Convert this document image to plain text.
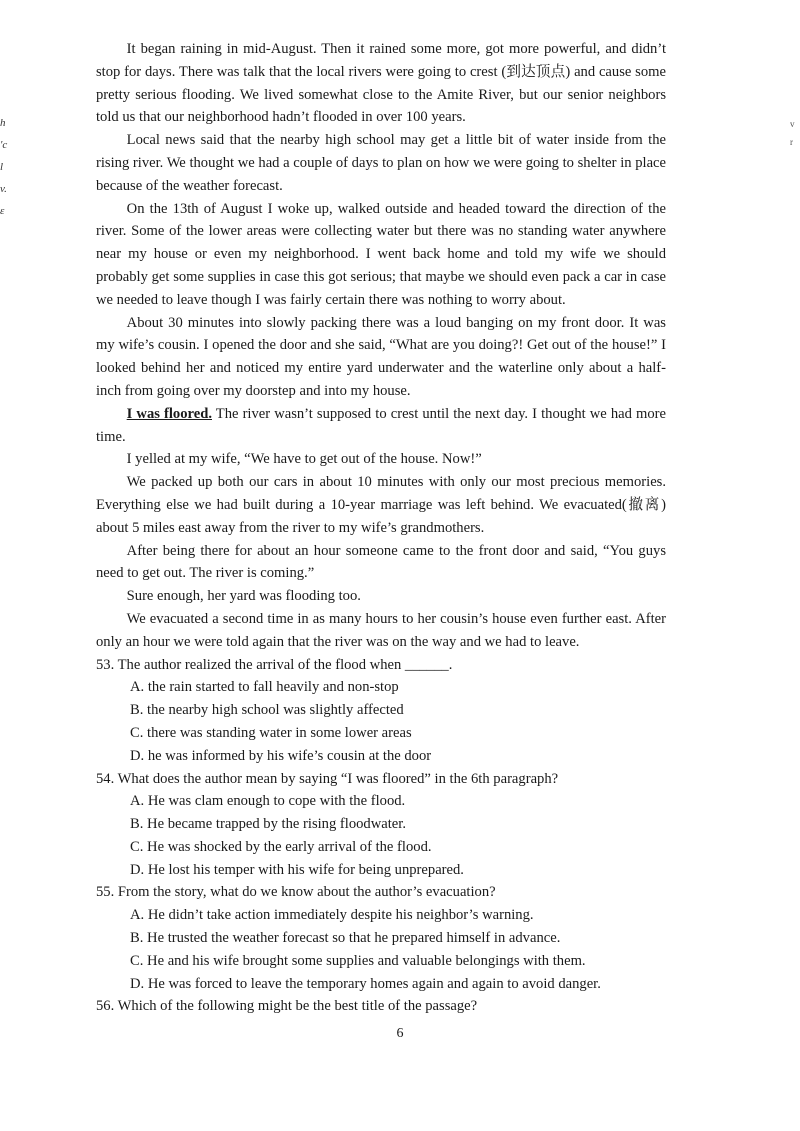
h
'c
l
v.
ε
v
r

It began raining in mid-August. Then it rained some more, got more powerful, and didn’t stop for days. There was talk that the local rivers were going to crest (到达顶点) and cause some pretty serious flooding. We lived somewhat close to the Amite River, but our senior neighbors told us that our neighborhood hadn’t flooded in over 100 years.

Local news said that the nearby high school may get a little bit of water inside from the rising river. We thought we had a couple of days to plan on how we were going to shelter in place because of the weather forecast.

On the 13th of August I woke up, walked outside and headed toward the direction of the river. Some of the lower areas were collecting water but there was no standing water anywhere near my house or even my neighborhood. I went back home and told my wife we should probably get some supplies in case this got serious; that maybe we should even pack a car in case we needed to leave though I was fairly certain there was nothing to worry about.

About 30 minutes into slowly packing there was a loud banging on my front door. It was my wife’s cousin. I opened the door and she said, “What are you doing?! Get out of the house!” I looked behind her and noticed my entire yard underwater and the waterline only about a half-inch from going over my doorstep and into my house.

I was floored. The river wasn’t supposed to crest until the next day. I thought we had more time.

I yelled at my wife, “We have to get out of the house. Now!”

We packed up both our cars in about 10 minutes with only our most precious memories. Everything else we had built during a 10-year marriage was left behind. We evacuated(撤离) about 5 miles east away from the river to my wife’s grandmothers.

After being there for about an hour someone came to the front door and said, “You guys need to get out. The river is coming.”

Sure enough, her yard was flooding too.

We evacuated a second time in as many hours to her cousin’s house even further east. After only an hour we were told again that the river was on the way and we had to leave.

53. The author realized the arrival of the flood when ______.

A. the rain started to fall heavily and non-stop

B. the nearby high school was slightly affected

C. there was standing water in some lower areas

D. he was informed by his wife’s cousin at the door

54. What does the author mean by saying “I was floored” in the 6th paragraph?

A. He was clam enough to cope with the flood.

B. He became trapped by the rising floodwater.

C. He was shocked by the early arrival of the flood.

D. He lost his temper with his wife for being unprepared.

55. From the story, what do we know about the author’s evacuation?

A. He didn’t take action immediately despite his neighbor’s warning.

B. He trusted the weather forecast so that he prepared himself in advance.

C. He and his wife brought some supplies and valuable belongings with them.

D. He was forced to leave the temporary homes again and again to avoid danger.

56. Which of the following might be the best title of the passage?

6
